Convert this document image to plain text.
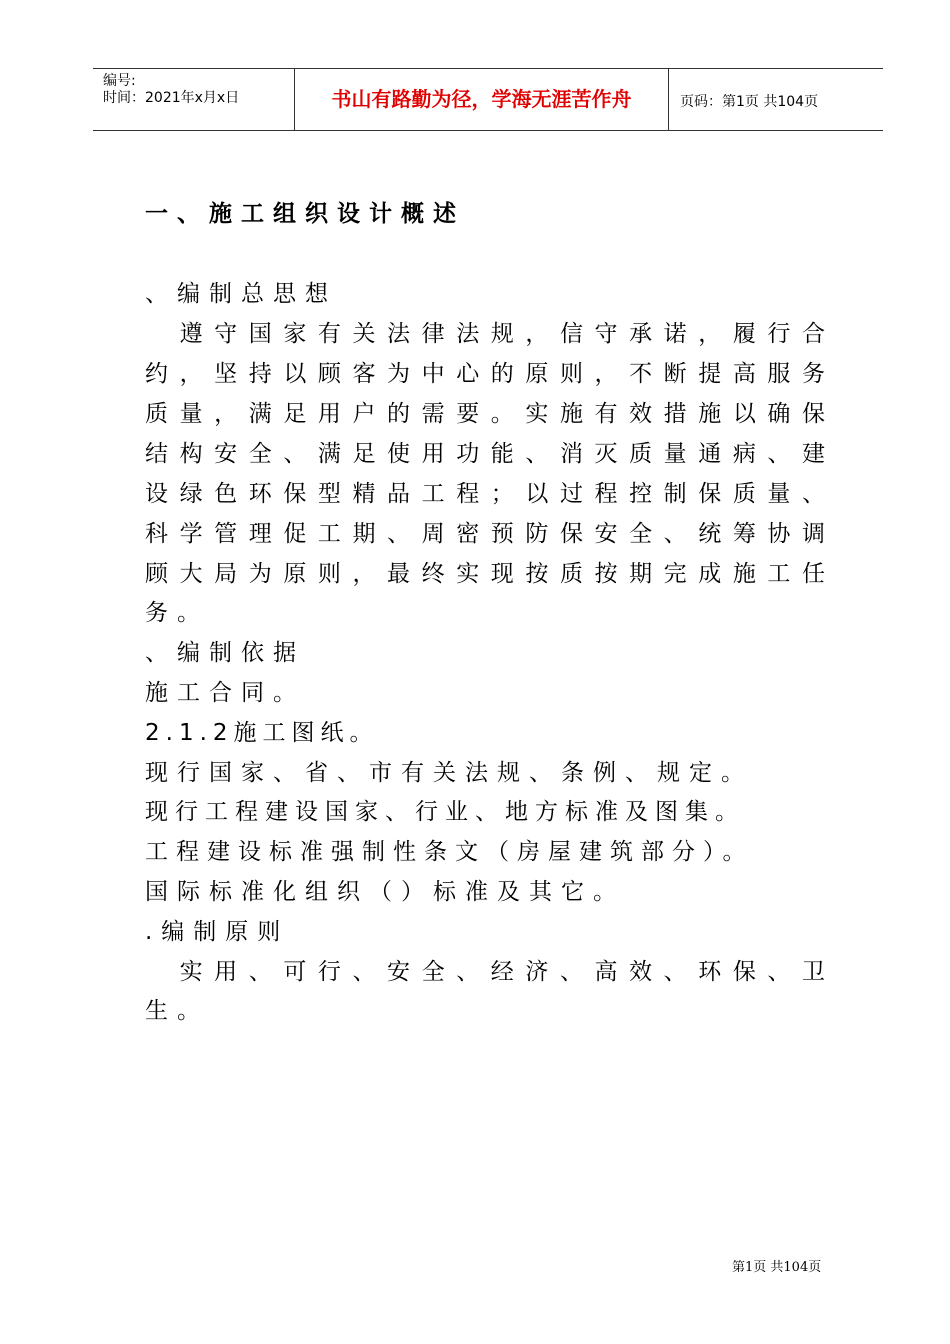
编号:
时间：2021年x月x日	书山有路勤为径，学海无涯苦作舟	页码：第1页 共104页
一、施工组织设计概述
、编制总思想
　遵守国家有关法律法规，信守承诺，履行合
约，坚持以顾客为中心的原则，不断提高服务
质量，满足用户的需要。实施有效措施以确保
结构安全、满足使用功能、消灭质量通病、建
设绿色环保型精品工程；以过程控制保质量、
科学管理促工期、周密预防保安全、统筹协调
顾大局为原则，最终实现按质按期完成施工任
务。
、编制依据
施工合同。
2.1.2施工图纸。
现行国家、省、市有关法规、条例、规定。
现行工程建设国家、行业、地方标准及图集。
工程建设标准强制性条文（房屋建筑部分）。
国际标准化组织（）标准及其它。
.编制原则
　实用、可行、安全、经济、高效、环保、卫
生。
第1页 共104页
